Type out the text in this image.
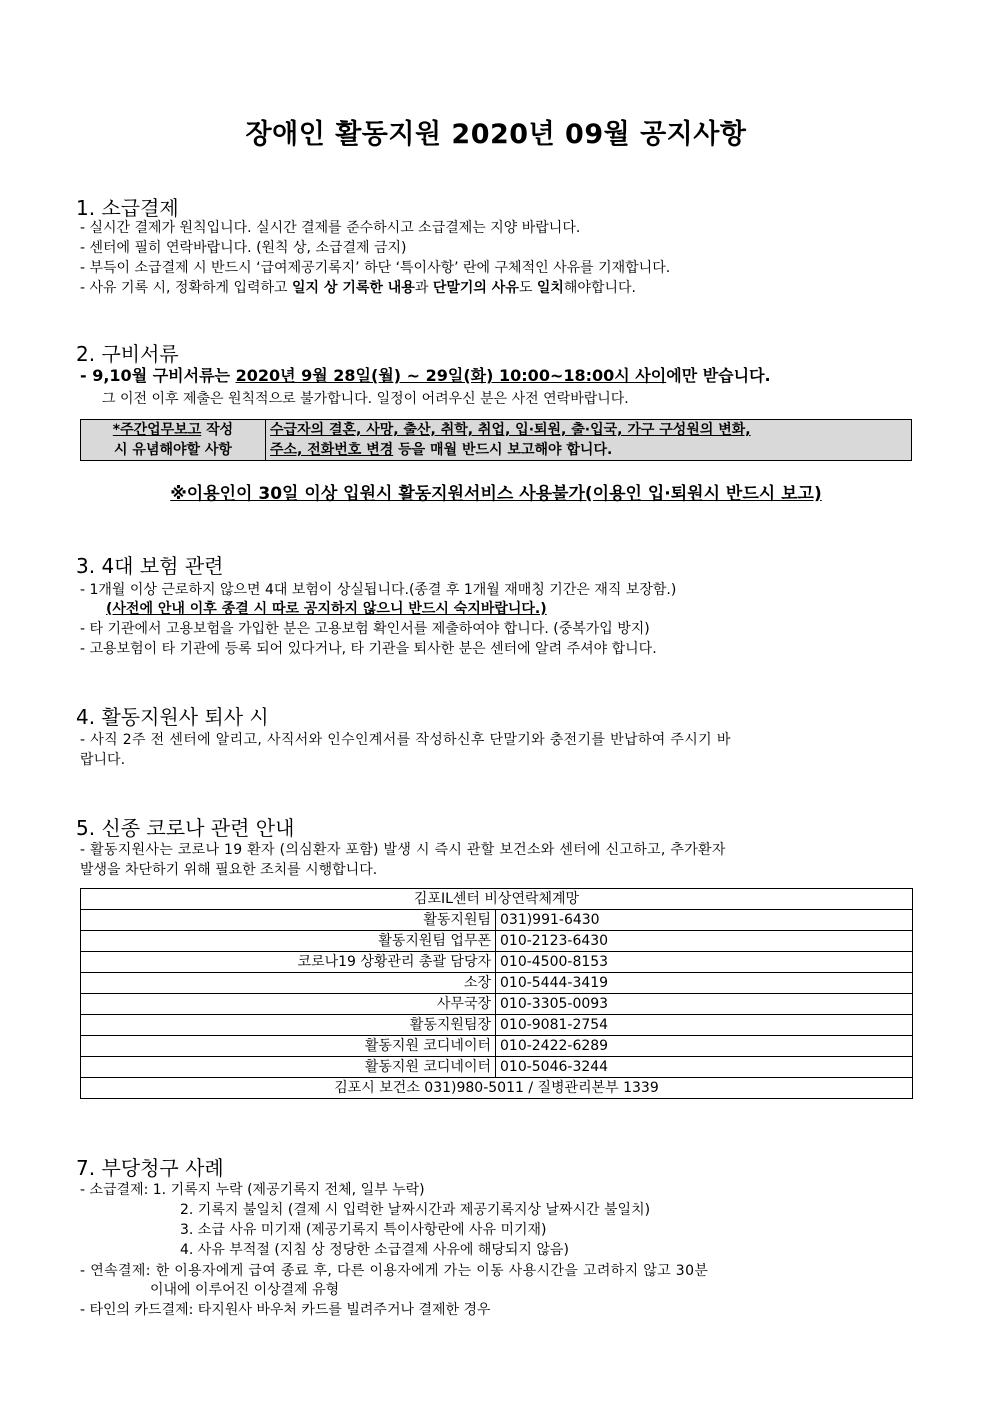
장애인 활동지원 2020년 09월 공지사항
1. 소급결제
- 실시간 결제가 원칙입니다. 실시간 결제를 준수하시고 소급결제는 지양 바랍니다.
- 센터에 필히 연락바랍니다. (원칙 상, 소급결제 금지)
- 부득이 소급결제 시 반드시 ‘급여제공기록지’ 하단 ‘특이사항’ 란에 구체적인 사유를 기재합니다.
- 사유 기록 시, 정확하게 입력하고 일지 상 기록한 내용과 단말기의 사유도 일치해야합니다.
2. 구비서류
- 9,10월 구비서류는 2020년 9월 28일(월) ~ 29일(화) 10:00~18:00시 사이에만 받습니다.
그 이전 이후 제출은 원칙적으로 불가합니다. 일정이 어려우신 분은 사전 연락바랍니다.
*주간업무보고 작성
시 유념해야할 사항	수급자의 결혼, 사망, 출산, 취학, 취업, 입·퇴원, 출·입국, 가구 구성원의 변화,
주소, 전화번호 변경 등을 매월 반드시 보고해야 합니다.
※이용인이 30일 이상 입원시 활동지원서비스 사용불가(이용인 입·퇴원시 반드시 보고)
3. 4대 보험 관련
- 1개월 이상 근로하지 않으면 4대 보험이 상실됩니다.(종결 후 1개월 재매칭 기간은 재직 보장함.)
(사전에 안내 이후 종결 시 따로 공지하지 않으니 반드시 숙지바랍니다.)
- 타 기관에서 고용보험을 가입한 분은 고용보험 확인서를 제출하여야 합니다. (중복가입 방지)
- 고용보험이 타 기관에 등록 되어 있다거나, 타 기관을 퇴사한 분은 센터에 알려 주셔야 합니다.
4. 활동지원사 퇴사 시
- 사직 2주 전 센터에 알리고, 사직서와 인수인계서를 작성하신후 단말기와 충전기를 반납하여 주시기 바
랍니다.
5. 신종 코로나 관련 안내
- 활동지원사는 코로나 19 환자 (의심환자 포함) 발생 시 즉시 관할 보건소와 센터에 신고하고, 추가환자
발생을 차단하기 위해 필요한 조치를 시행합니다.
김포IL센터 비상연락체계망	
활동지원팀	031)991-6430
활동지원팀 업무폰	010-2123-6430
코로나19 상황관리 총괄 담당자	010-4500-8153
소장	010-5444-3419
사무국장	010-3305-0093
활동지원팀장	010-9081-2754
활동지원 코디네이터	010-2422-6289
활동지원 코디네이터	010-5046-3244
김포시 보건소 031)980-5011 / 질병관리본부 1339	
7. 부당청구 사례
- 소급결제: 1. 기록지 누락 (제공기록지 전체, 일부 누락)
2. 기록지 불일치 (결제 시 입력한 날짜시간과 제공기록지상 날짜시간 불일치)
3. 소급 사유 미기재 (제공기록지 특이사항란에 사유 미기재)
4. 사유 부적절 (지침 상 정당한 소급결제 사유에 해당되지 않음)
- 연속결제: 한 이용자에게 급여 종료 후, 다른 이용자에게 가는 이동 사용시간을 고려하지 않고 30분
이내에 이루어진 이상결제 유형
- 타인의 카드결제: 타지원사 바우처 카드를 빌려주거나 결제한 경우
